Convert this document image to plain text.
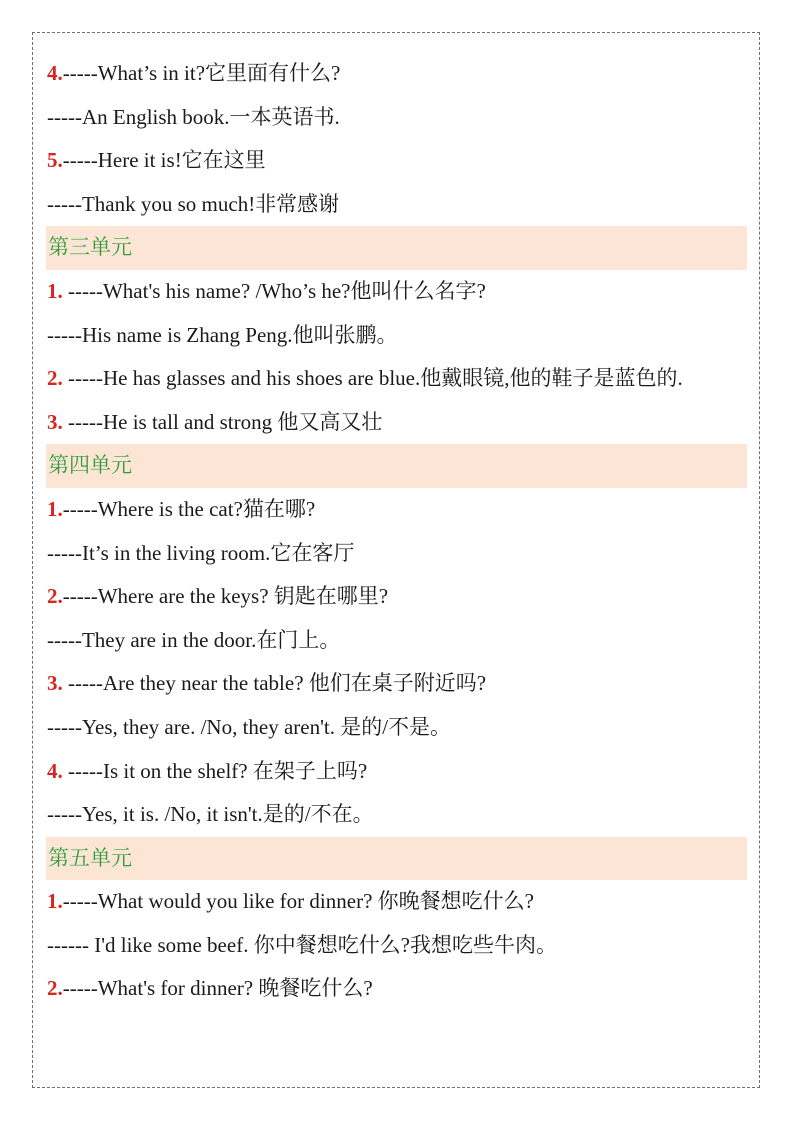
4.-----What’s in it?它里面有什么?
-----An English book.一本英语书.
5.-----Here it is!它在这里
-----Thank you so much!非常感谢
第三单元
1. -----What's his name? /Who’s he?他叫什么名字?
-----His name is Zhang Peng.他叫张鹏。
2. -----He has glasses and his shoes are blue.他戴眼镜,他的鞋子是蓝色的.
3. -----He is tall and strong 他又高又壮
第四单元
1.-----Where is the cat?猫在哪?
-----It’s in the living room.它在客厅
2.-----Where are the keys? 钥匙在哪里?
-----They are in the door.在门上。
3. -----Are they near the table? 他们在桌子附近吗?
-----Yes, they are. /No, they aren't. 是的/不是。
4. -----Is it on the shelf? 在架子上吗?
-----Yes, it is. /No, it isn't.是的/不在。
第五单元
1.-----What would you like for dinner? 你晚餐想吃什么?
------ I'd like some beef. 你中餐想吃什么?我想吃些牛肉。
2.-----What's for dinner? 晚餐吃什么?
